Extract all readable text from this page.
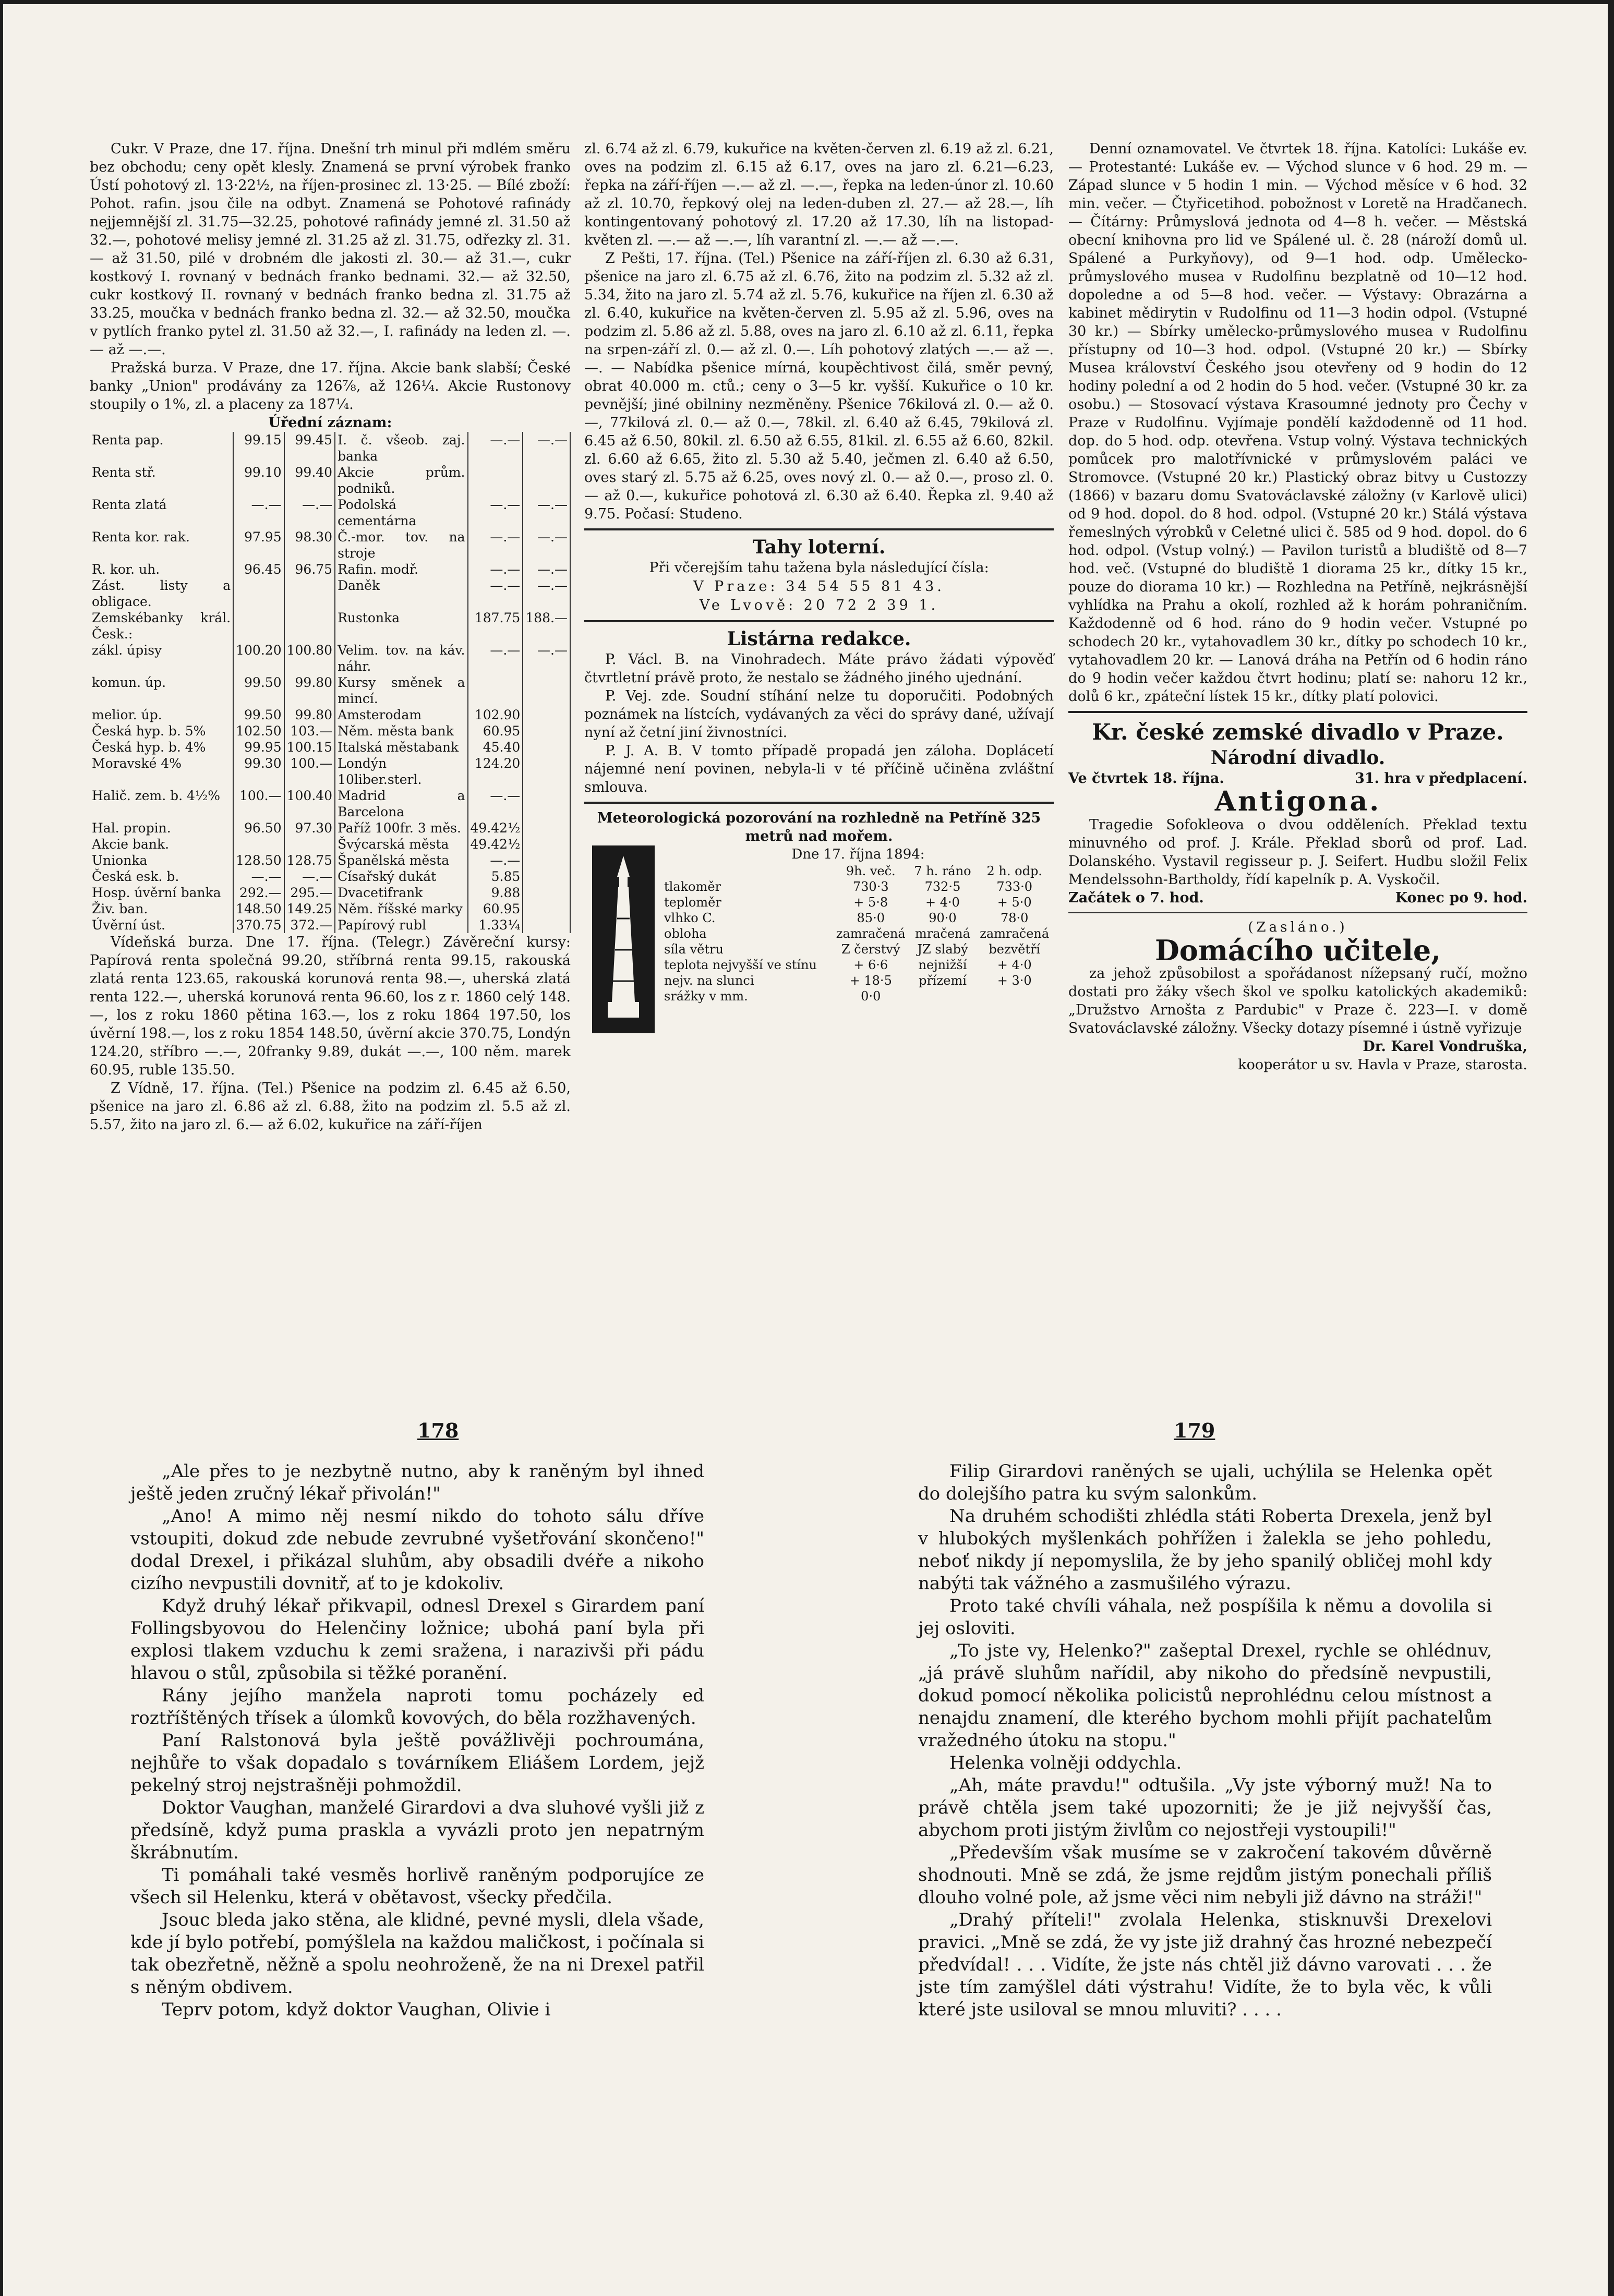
Cukr. V Praze, dne 17. října. Dnešní trh minul při mdlém směru bez obchodu; ceny opět klesly. Znamená se první výrobek franko Ústí pohotový zl. 13·22½, na říjen-prosinec zl. 13·25. — Bílé zboží: Pohot. rafin. jsou čile na odbyt. Znamená se Pohotové rafinády nejjemnější zl. 31.75—32.25, pohotové rafinády jemné zl. 31.50 až 32.—, pohotové melisy jemné zl. 31.25 až zl. 31.75, odřezky zl. 31.— až 31.50, pilé v drobném dle jakosti zl. 30.— až 31.—, cukr kostkový I. rovnaný v bednách franko bednami. 32.— až 32.50, cukr kostkový II. rovnaný v bednách franko bedna zl. 31.75 až 33.25, moučka v bednách franko bedna zl. 32.— až 32.50, moučka v pytlích franko pytel zl. 31.50 až 32.—, I. rafinády na leden zl. —.— až —.—.

Pražská burza. V Praze, dne 17. října. Akcie bank slabší; České banky „Union" prodávány za 126⅞, až 126¼. Akcie Rustonovy stoupily o 1%, zl. a placeny za 187¼.

Úřední záznam:
Renta pap.	99.15	99.45	I. č. všeob. zaj. banka	—.—	—.—
Renta stř.	99.10	99.40	Akcie prům. podniků.		
Renta zlatá	—.—	—.—	Podolská cementárna	—.—	—.—
Renta kor. rak.	97.95	98.30	Č.-mor. tov. na stroje	—.—	—.—
R. kor. uh.	96.45	96.75	Rafin. modř.	—.—	—.—
Zást. listy a obligace.			Daněk	—.—	—.—
Zemskébanky král. Česk.:			Rustonka	187.75	188.—
zákl. úpisy	100.20	100.80	Velim. tov. na káv. náhr.	—.—	—.—
komun. úp.	99.50	99.80	Kursy směnek a mincí.		
melior. úp.	99.50	99.80	Amsterodam	102.90	
Česká hyp. b. 5%	102.50	103.—	Něm. města bank	60.95	
Česká hyp. b. 4%	99.95	100.15	Italská městabank	45.40	
Moravské 4%	99.30	100.—	Londýn 10liber.sterl.	124.20	
Halič. zem. b. 4½%	100.—	100.40	Madrid a Barcelona	—.—	
Hal. propin.	96.50	97.30	Paříž 100fr. 3 měs.	49.42½	
Akcie bank.			Švýcarská města	49.42½	
Unionka	128.50	128.75	Španělská města	—.—	
Česká esk. b.	—.—	—.—	Císařský dukát	5.85	
Hosp. úvěrní banka	292.—	295.—	Dvacetifrank	9.88	
Živ. ban.	148.50	149.25	Něm. říšské marky	60.95	
Úvěrní úst.	370.75	372.—	Papírový rubl	1.33¼	

Vídeňská burza. Dne 17. října. (Telegr.) Závěreční kursy: Papírová renta společná 99.20, stříbrná renta 99.15, rakouská zlatá renta 123.65, rakouská korunová renta 98.—, uherská zlatá renta 122.—, uherská korunová renta 96.60, los z r. 1860 celý 148.—, los z roku 1860 pětina 163.—, los z roku 1864 197.50, los úvěrní 198.—, los z roku 1854 148.50, úvěrní akcie 370.75, Londýn 124.20, stříbro —.—, 20franky 9.89, dukát —.—, 100 něm. marek 60.95, ruble 135.50.

Z Vídně, 17. října. (Tel.) Pšenice na podzim zl. 6.45 až 6.50, pšenice na jaro zl. 6.86 až zl. 6.88, žito na podzim zl. 5.5 až zl. 5.57, žito na jaro zl. 6.— až 6.02, kukuřice na září-říjen

zl. 6.74 až zl. 6.79, kukuřice na květen-červen zl. 6.19 až zl. 6.21, oves na podzim zl. 6.15 až 6.17, oves na jaro zl. 6.21—6.23, řepka na září-říjen —.— až zl. —.—, řepka na leden-únor zl. 10.60 až zl. 10.70, řepkový olej na leden-duben zl. 27.— až 28.—, líh kontingentovaný pohotový zl. 17.20 až 17.30, líh na listopad-květen zl. —.— až —.—, líh varantní zl. —.— až —.—.

Z Pešti, 17. října. (Tel.) Pšenice na září-říjen zl. 6.30 až 6.31, pšenice na jaro zl. 6.75 až zl. 6.76, žito na podzim zl. 5.32 až zl. 5.34, žito na jaro zl. 5.74 až zl. 5.76, kukuřice na říjen zl. 6.30 až zl. 6.40, kukuřice na květen-červen zl. 5.95 až zl. 5.96, oves na podzim zl. 5.86 až zl. 5.88, oves na jaro zl. 6.10 až zl. 6.11, řepka na srpen-září zl. 0.— až zl. 0.—. Líh pohotový zlatých —.— až —.—. — Nabídka pšenice mírná, koupěchtivost čilá, směr pevný, obrat 40.000 m. ctů.; ceny o 3—5 kr. vyšší. Kukuřice o 10 kr. pevnější; jiné obilniny nezměněny. Pšenice 76kilová zl. 0.— až 0.—, 77kilová zl. 0.— až 0.—, 78kil. zl. 6.40 až 6.45, 79kilová zl. 6.45 až 6.50, 80kil. zl. 6.50 až 6.55, 81kil. zl. 6.55 až 6.60, 82kil. zl. 6.60 až 6.65, žito zl. 5.30 až 5.40, ječmen zl. 6.40 až 6.50, oves starý zl. 5.75 až 6.25, oves nový zl. 0.— až 0.—, proso zl. 0.— až 0.—, kukuřice pohotová zl. 6.30 až 6.40. Řepka zl. 9.40 až 9.75. Počasí: Studeno.

Tahy loterní.
Při včerejším tahu tažena byla následující čísla:
V Praze: 34 54 55 81 43.
Ve Lvově: 20 72 2 39 1.
Listárna redakce.

P. Václ. B. na Vinohradech. Máte právo žádati výpověď čtvrtletní právě proto, že nestalo se žádného jiného ujednání.

P. Vej. zde. Soudní stíhání nelze tu doporučiti. Podobných poznámek na lístcích, vydávaných za věci do správy dané, užívají nyní až četní jiní živnostníci.

P. J. A. B. V tomto případě propadá jen záloha. Doplácetí nájemné není povinen, nebyla-li v té příčině učiněna zvláštní smlouva.

Meteorologická pozorování na rozhledně na Petříně 325 metrů nad mořem.
Dne 17. října 1894:
	9h. več.	7 h. ráno	2 h. odp.
tlakoměr	730·3	732·5	733·0
teploměr	+ 5·8	+ 4·0	+ 5·0
vlhko C.	85·0	90·0	78·0
obloha	zamračená	mračená	zamračená
síla větru	Z čerstvý	JZ slabý	bezvětří
teplota nejvyšší ve stínu	+ 6·6	nejnižší	+ 4·0
nejv. na slunci	+ 18·5	přízemí	+ 3·0
srážky v mm.	0·0		

Denní oznamovatel. Ve čtvrtek 18. října. Katolíci: Lukáše ev. — Protestanté: Lukáše ev. — Východ slunce v 6 hod. 29 m. — Západ slunce v 5 hodin 1 min. — Východ měsíce v 6 hod. 32 min. večer. — Čtyřicetihod. pobožnost v Loretě na Hradčanech. — Čítárny: Průmyslová jednota od 4—8 h. večer. — Městská obecní knihovna pro lid ve Spálené ul. č. 28 (nároží domů ul. Spálené a Purkyňovy), od 9—1 hod. odp. Umělecko-průmyslového musea v Rudolfinu bezplatně od 10—12 hod. dopoledne a od 5—8 hod. večer. — Výstavy: Obrazárna a kabinet mědirytin v Rudolfinu od 11—3 hodin odpol. (Vstupné 30 kr.) — Sbírky umělecko-průmyslového musea v Rudolfinu přístupny od 10—3 hod. odpol. (Vstupné 20 kr.) — Sbírky Musea království Českého jsou otevřeny od 9 hodin do 12 hodiny polední a od 2 hodin do 5 hod. večer. (Vstupné 30 kr. za osobu.) — Stosovací výstava Krasoumné jednoty pro Čechy v Praze v Rudolfinu. Vyjímaje pondělí každodenně od 11 hod. dop. do 5 hod. odp. otevřena. Vstup volný. Výstava technických pomůcek pro malotřívnické v průmyslovém paláci ve Stromovce. (Vstupné 20 kr.) Plastický obraz bitvy u Custozzy (1866) v bazaru domu Svatováclavské záložny (v Karlově ulici) od 9 hod. dopol. do 8 hod. odpol. (Vstupné 20 kr.) Stálá výstava řemeslných výrobků v Celetné ulici č. 585 od 9 hod. dopol. do 6 hod. odpol. (Vstup volný.) — Pavilon turistů a bludiště od 8—7 hod. več. (Vstupné do bludiště 1 diorama 25 kr., dítky 15 kr., pouze do diorama 10 kr.) — Rozhledna na Petříně, nejkrásnější vyhlídka na Prahu a okolí, rozhled až k horám pohraničním. Každodenně od 6 hod. ráno do 9 hodin večer. Vstupné po schodech 20 kr., vytahovadlem 30 kr., dítky po schodech 10 kr., vytahovadlem 20 kr. — Lanová dráha na Petřín od 6 hodin ráno do 9 hodin večer každou čtvrt hodinu; platí se: nahoru 12 kr., dolů 6 kr., zpáteční lístek 15 kr., dítky platí polovici.

Kr. české zemské divadlo v Praze.
Národní divadlo.
Ve čtvrtek 18. října.	31. hra v předplacení.
Antigona.

Tragedie Sofokleova o dvou odděleních. Překlad textu minuvného od prof. J. Krále. Překlad sborů od prof. Lad. Dolanského. Vystavil regisseur p. J. Seifert. Hudbu složil Felix Mendelssohn-Bartholdy, řídí kapelník p. A. Vyskočil.

Začátek o 7. hod.	Konec po 9. hod.
(Zasláno.)
Domácího učitele,

za jehož způsobilost a spořádanost nížepsaný ručí, možno dostati pro žáky všech škol ve spolku katolických akademiků: „Družstvo Arnošta z Pardubic" v Praze č. 223—I. v domě Svatováclavské záložny. Všecky dotazy písemné i ústně vyřizuje

Dr. Karel Vondruška,
kooperátor u sv. Havla v Praze, starosta.
178	179

„Ale přes to je nezbytně nutno, aby k raněným byl ihned ještě jeden zručný lékař přivolán!"

„Ano! A mimo něj nesmí nikdo do tohoto sálu dříve vstoupiti, dokud zde nebude zevrubné vyšetřování skončeno!" dodal Drexel, i přikázal sluhům, aby obsadili dvéře a nikoho cizího nevpustili dovnitř, ať to je kdokoliv.

Když druhý lékař přikvapil, odnesl Drexel s Girardem paní Follingsbyovou do Helenčiny ložnice; ubohá paní byla při explosi tlakem vzduchu k zemi sražena, i narazivši při pádu hlavou o stůl, způsobila si těžké poranění.

Rány jejího manžela naproti tomu pocházely ed roztříštěných třísek a úlomků kovových, do běla rozžhavených.

Paní Ralstonová byla ještě povážlivěji pochroumána, nejhůře to však dopadalo s továrníkem Eliášem Lordem, jejž pekelný stroj nejstrašněji pohmoždil.

Doktor Vaughan, manželé Girardovi a dva sluhové vyšli již z předsíně, když puma praskla a vyvázli proto jen nepatrným škrábnutím.

Ti pomáhali také vesměs horlivě raněným podporujíce ze všech sil Helenku, která v obětavost, všecky předčila.

Jsouc bleda jako stěna, ale klidné, pevné mysli, dlela všade, kde jí bylo potřebí, pomýšlela na každou maličkost, i počínala si tak obezřetně, něžně a spolu neohroženě, že na ni Drexel patřil s něným obdivem.

Teprv potom, když doktor Vaughan, Olivie i

Filip Girardovi raněných se ujali, uchýlila se Helenka opět do dolejšího patra ku svým salonkům.

Na druhém schodišti zhlédla státi Roberta Drexela, jenž byl v hlubokých myšlenkách pohřížen i žalekla se jeho pohledu, neboť nikdy jí nepomyslila, že by jeho spanilý obličej mohl kdy nabýti tak vážného a zasmušilého výrazu.

Proto také chvíli váhala, než pospíšila k němu a dovolila si jej osloviti.

„To jste vy, Helenko?" zašeptal Drexel, rychle se ohlédnuv, „já právě sluhům nařídil, aby nikoho do předsíně nevpustili, dokud pomocí několika policistů neprohlédnu celou místnost a nenajdu znamení, dle kterého bychom mohli přijít pachatelům vražedného útoku na stopu."

Helenka volněji oddychla.

„Ah, máte pravdu!" odtušila. „Vy jste výborný muž! Na to právě chtěla jsem také upozorniti; že je již nejvyšší čas, abychom proti jistým živlům co nejostřeji vystoupili!"

„Především však musíme se v zakročení takovém důvěrně shodnouti. Mně se zdá, že jsme rejdům jistým ponechali příliš dlouho volné pole, až jsme věci nim nebyli již dávno na stráži!"

„Drahý příteli!" zvolala Helenka, stisknuvši Drexelovi pravici. „Mně se zdá, že vy jste již drahný čas hrozné nebezpečí předvídal! . . . Vidíte, že jste nás chtěl již dávno varovati . . . že jste tím zamýšlel dáti výstrahu! Vidíte, že to byla věc, k vůli které jste usiloval se mnou mluviti? . . . .
